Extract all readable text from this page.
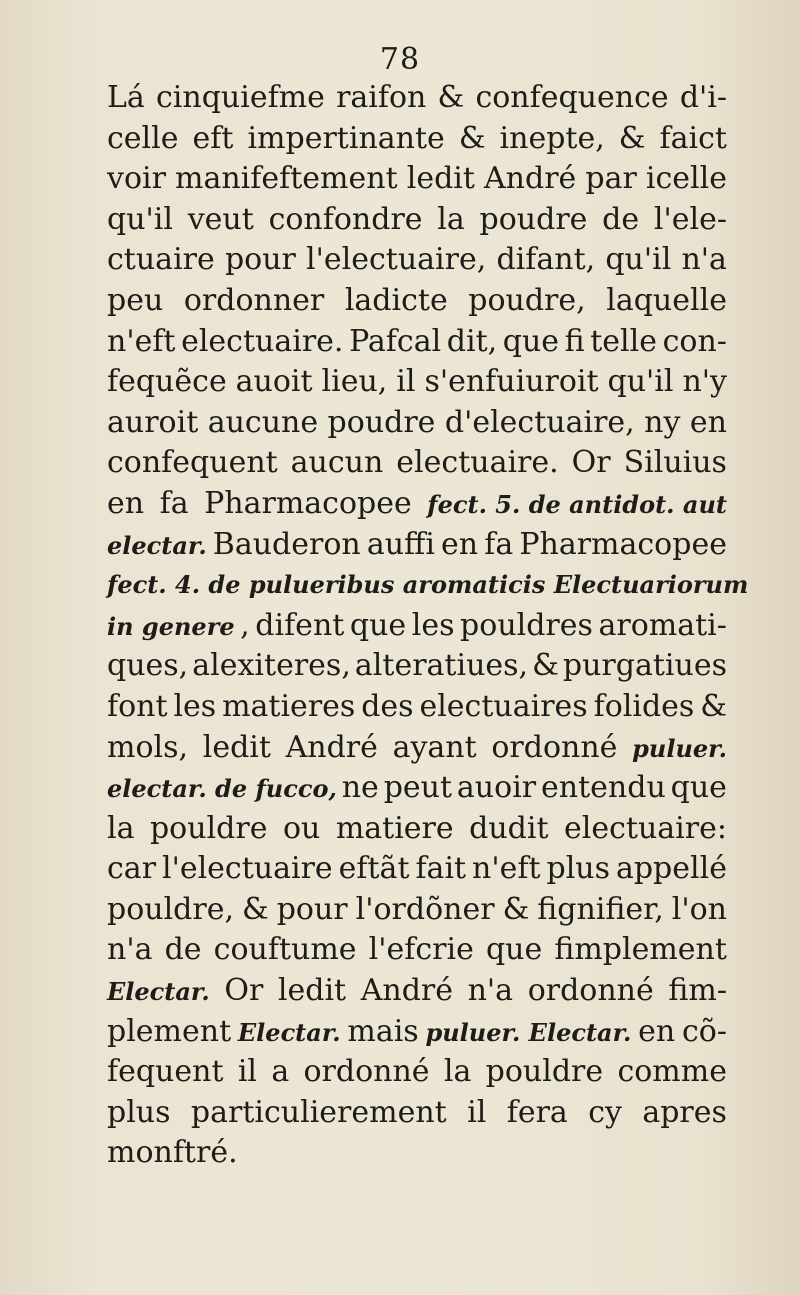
78
Lá cinquiefme raifon & confequence d'i-
celle eft impertinante & inepte, & faict
voir manifeftement ledit André par icelle
qu'il veut confondre la poudre de l'ele-
ctuaire pour l'electuaire, difant, qu'il n'a
peu ordonner ladicte poudre, laquelle
n'eft electuaire. Pafcal dit, que fi telle con-
fequẽce auoit lieu, il s'enfuiuroit qu'il n'y
auroit aucune poudre d'electuaire, ny en
confequent aucun electuaire. Or Siluius
en fa Pharmacopee fect. 5. de antidot. aut
electar. Bauderon auffi en fa Pharmacopee
fect. 4. de pulueribus aromaticis Electuariorum
in genere , difent que les pouldres aromati-
ques, alexiteres, alteratiues, & purgatiues
font les matieres des electuaires folides &
mols, ledit André ayant ordonné puluer.
electar. de fucco, ne peut auoir entendu que
la pouldre ou matiere dudit electuaire:
car l'electuaire eftãt fait n'eft plus appellé
pouldre, & pour l'ordõner & fignifier, l'on
n'a de couftume l'efcrie que fimplement
Electar. Or ledit André n'a ordonné fim-
plement Electar. mais puluer. Electar. en cõ-
fequent il a ordonné la pouldre comme
plus particulierement il fera cy apres
monftré.
